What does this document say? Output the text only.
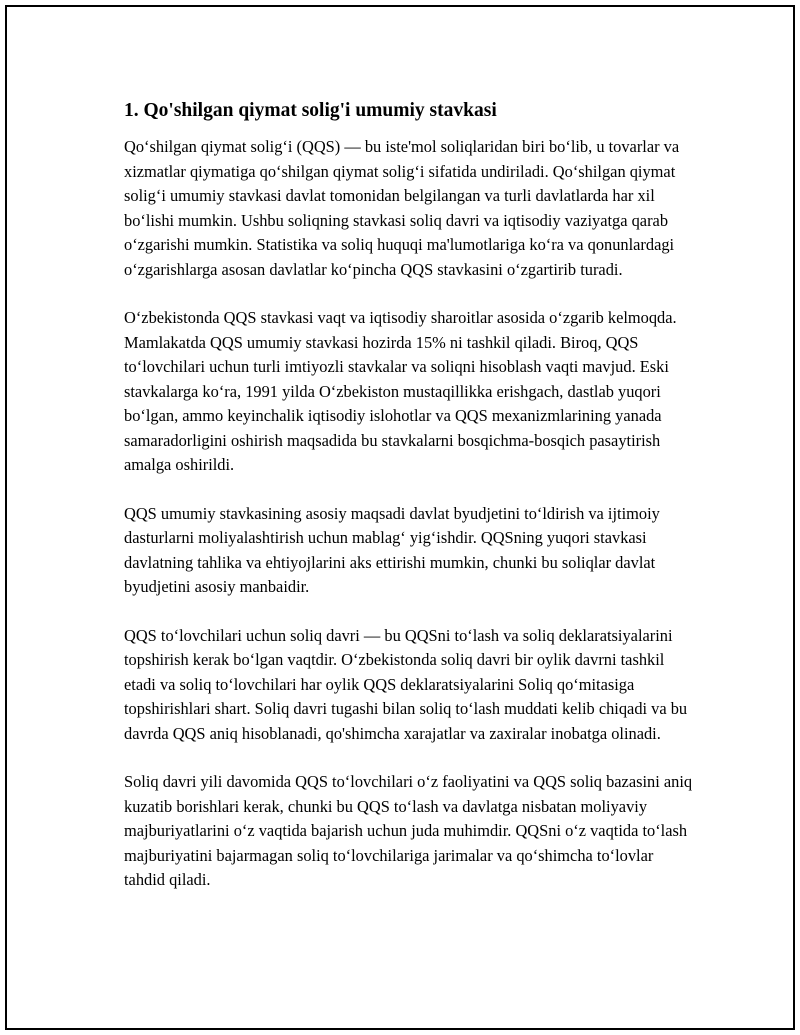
1. Qo'shilgan qiymat solig'i umumiy stavkasi

Qo‘shilgan qiymat solig‘i (QQS) — bu iste'mol soliqlaridan biri bo‘lib, u tovarlar va xizmatlar qiymatiga qo‘shilgan qiymat solig‘i sifatida undiriladi. Qo‘shilgan qiymat solig‘i umumiy stavkasi davlat tomonidan belgilangan va turli davlatlarda har xil bo‘lishi mumkin. Ushbu soliqning stavkasi soliq davri va iqtisodiy vaziyatga qarab o‘zgarishi mumkin. Statistika va soliq huquqi ma'lumotlariga ko‘ra va qonunlardagi o‘zgarishlarga asosan davlatlar ko‘pincha QQS stavkasini o‘zgartirib turadi.

O‘zbekistonda QQS stavkasi vaqt va iqtisodiy sharoitlar asosida o‘zgarib kelmoqda. Mamlakatda QQS umumiy stavkasi hozirda 15% ni tashkil qiladi. Biroq, QQS to‘lovchilari uchun turli imtiyozli stavkalar va soliqni hisoblash vaqti mavjud. Eski stavkalarga ko‘ra, 1991 yilda O‘zbekiston mustaqillikka erishgach, dastlab yuqori bo‘lgan, ammo keyinchalik iqtisodiy islohotlar va QQS mexanizmlarining yanada samaradorligini oshirish maqsadida bu stavkalarni bosqichma-bosqich pasaytirish amalga oshirildi.

QQS umumiy stavkasining asosiy maqsadi davlat byudjetini to‘ldirish va ijtimoiy dasturlarni moliyalashtirish uchun mablag‘ yig‘ishdir. QQSning yuqori stavkasi davlatning tahlika va ehtiyojlarini aks ettirishi mumkin, chunki bu soliqlar davlat byudjetini asosiy manbaidir.

QQS to‘lovchilari uchun soliq davri — bu QQSni to‘lash va soliq deklaratsiyalarini topshirish kerak bo‘lgan vaqtdir. O‘zbekistonda soliq davri bir oylik davrni tashkil etadi va soliq to‘lovchilari har oylik QQS deklaratsiyalarini Soliq qo‘mitasiga topshirishlari shart. Soliq davri tugashi bilan soliq to‘lash muddati kelib chiqadi va bu davrda QQS aniq hisoblanadi, qo'shimcha xarajatlar va zaxiralar inobatga olinadi.

Soliq davri yili davomida QQS to‘lovchilari o‘z faoliyatini va QQS soliq bazasini aniq kuzatib borishlari kerak, chunki bu QQS to‘lash va davlatga nisbatan moliyaviy majburiyatlarini o‘z vaqtida bajarish uchun juda muhimdir. QQSni o‘z vaqtida to‘lash majburiyatini bajarmagan soliq to‘lovchilariga jarimalar va qo‘shimcha to‘lovlar tahdid qiladi.
